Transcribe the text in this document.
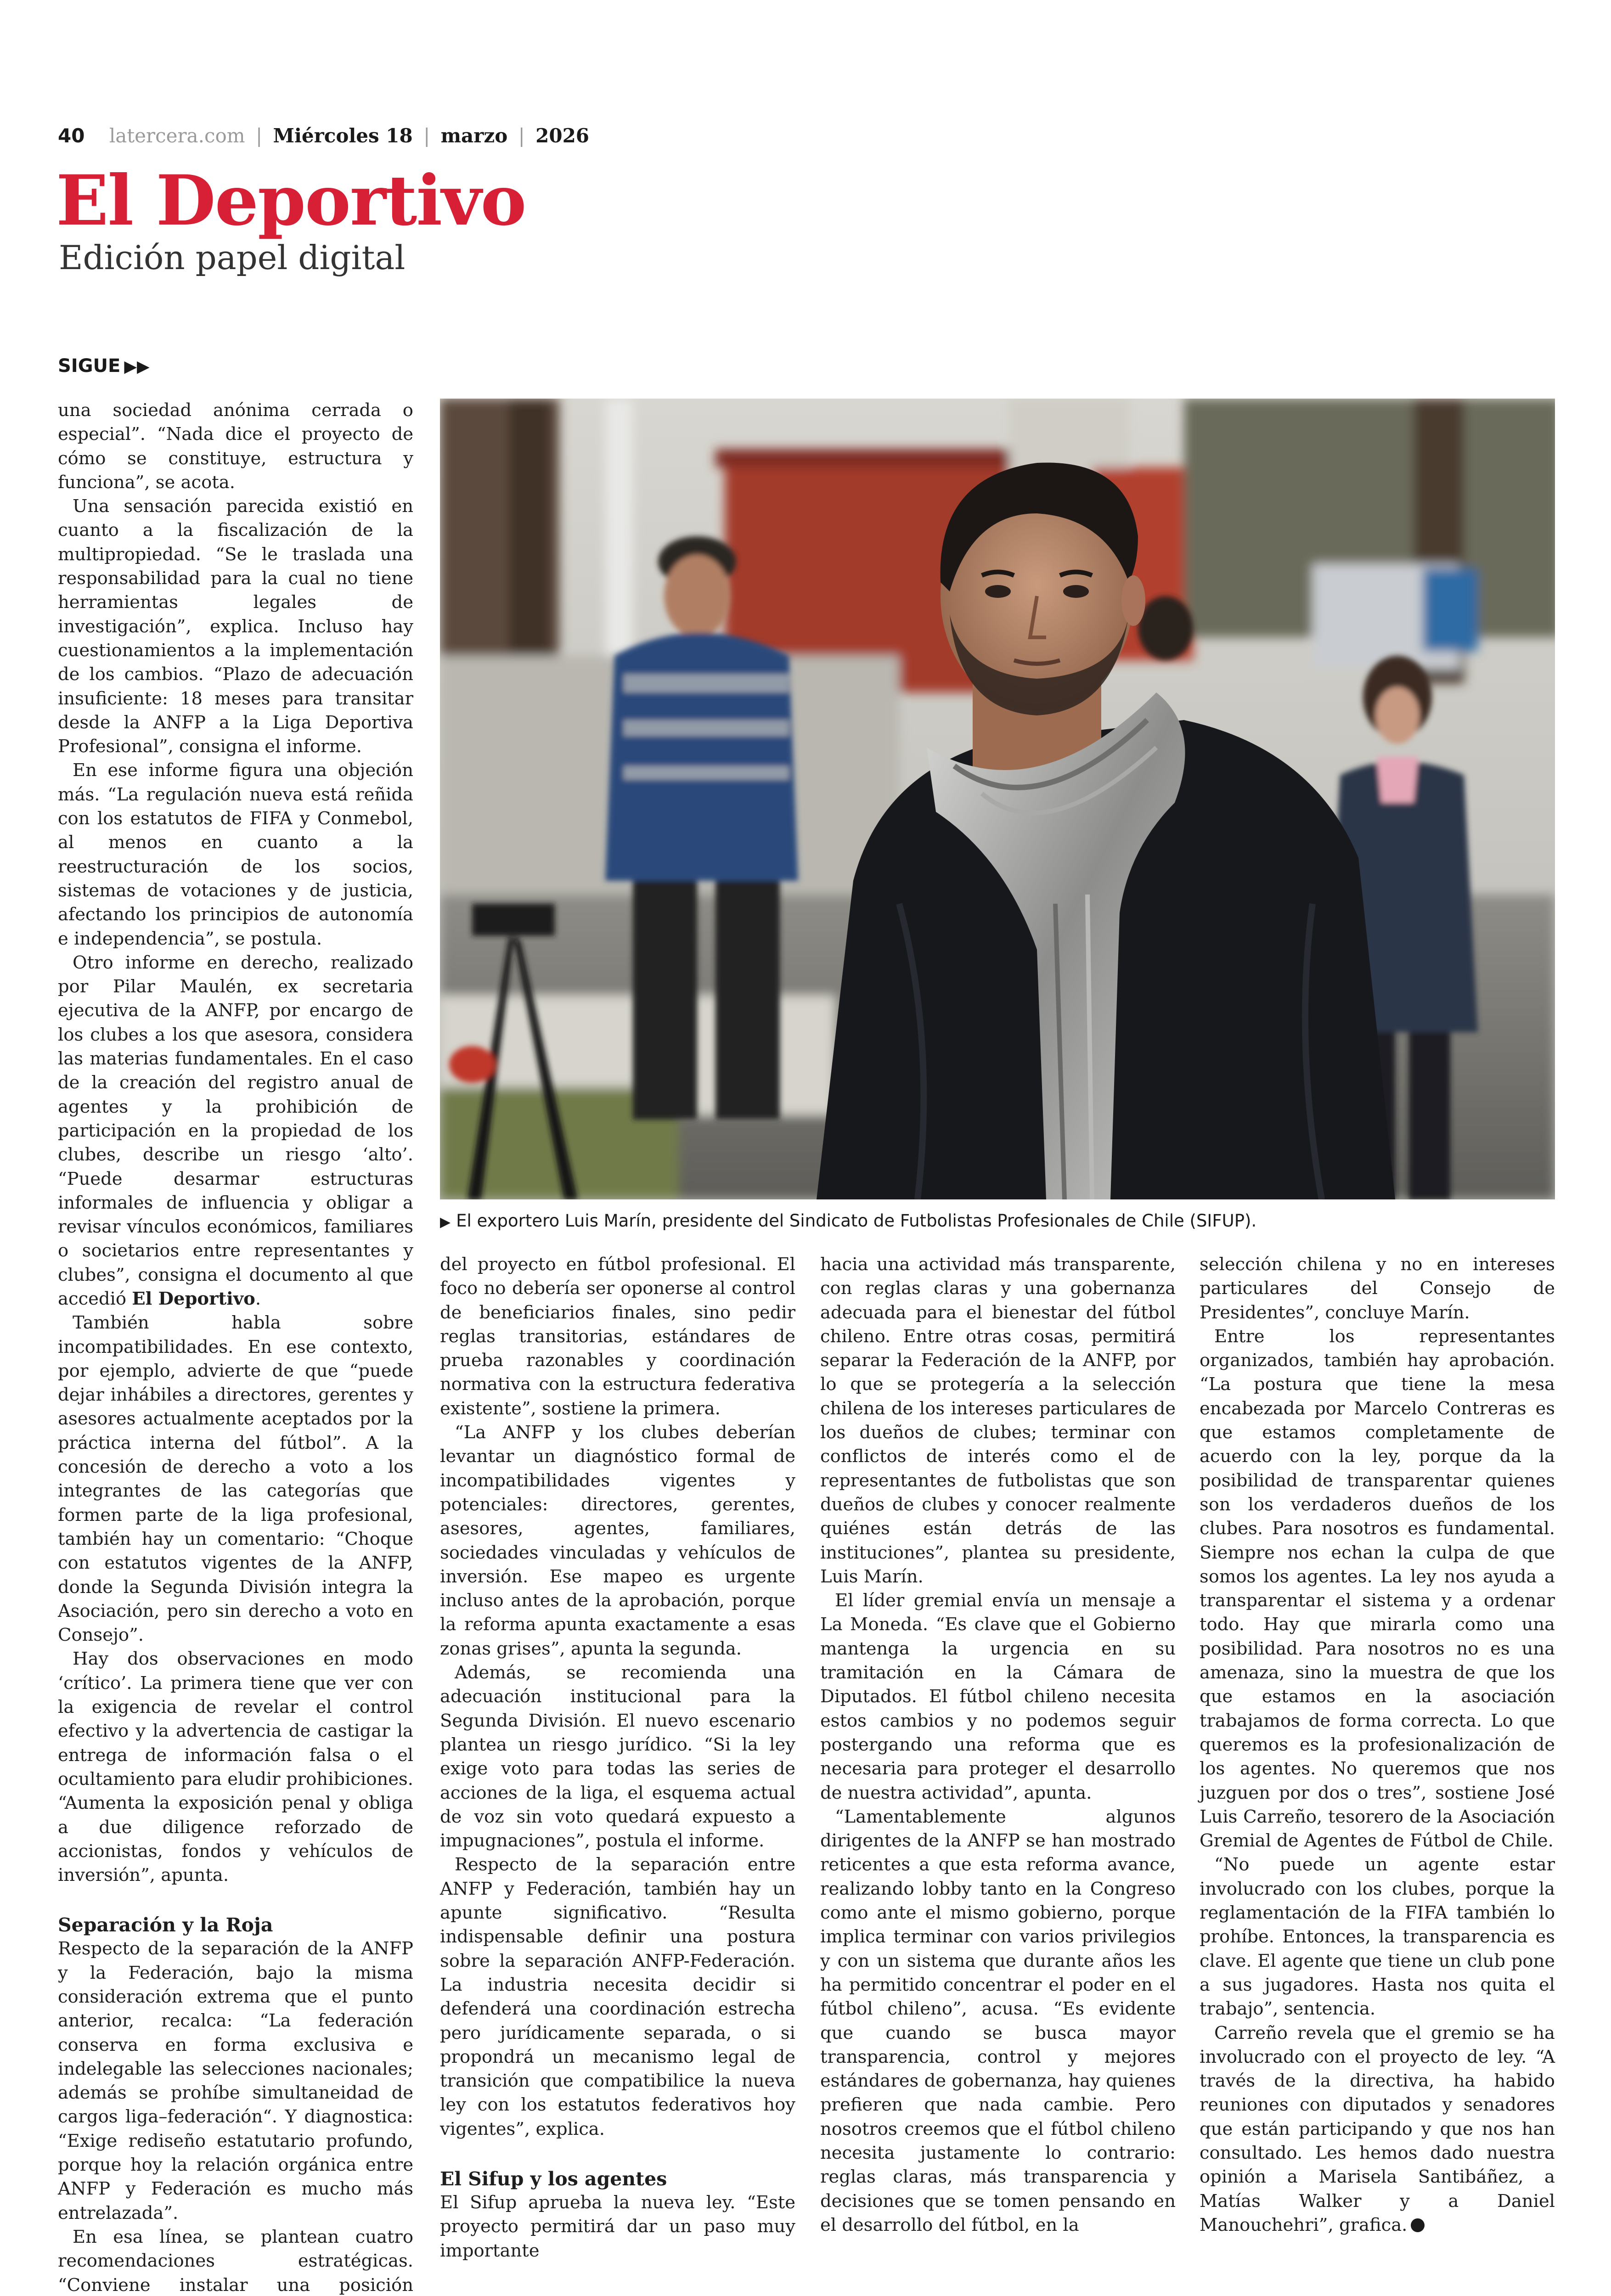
40 latercera.com | Miércoles 18 | marzo | 2026
El Deportivo
Edición papel digital
SIGUE ▶▶

una sociedad anónima cerrada o especial”. “Nada dice el proyecto de cómo se constituye, estructura y funciona”, se acota.

Una sensación parecida existió en cuanto a la fiscalización de la multipropiedad. “Se le traslada una responsabilidad para la cual no tiene herramientas legales de investigación”, explica. Incluso hay cuestionamientos a la implementación de los cambios. “Plazo de adecuación insuficiente: 18 meses para transitar desde la ANFP a la Liga Deportiva Profesional”, consigna el informe.

En ese informe figura una objeción más. “La regulación nueva está reñida con los estatutos de FIFA y Conmebol, al menos en cuanto a la reestructuración de los socios, sistemas de votaciones y de justicia, afectando los principios de autonomía e independencia”, se postula.

Otro informe en derecho, realizado por Pilar Maulén, ex secretaria ejecutiva de la ANFP, por encargo de los clubes a los que asesora, considera las materias fundamentales. En el caso de la creación del registro anual de agentes y la prohibición de participación en la propiedad de los clubes, describe un riesgo ‘alto’. “Puede desarmar estructuras informales de influencia y obligar a revisar vínculos económicos, familiares o societarios entre representantes y clubes”, consigna el documento al que accedió El Deportivo.

También habla sobre incompatibilidades. En ese contexto, por ejemplo, advierte de que “puede dejar inhábiles a directores, gerentes y asesores actualmente aceptados por la práctica interna del fútbol”. A la concesión de derecho a voto a los integrantes de las categorías que formen parte de la liga profesional, también hay un comentario: “Choque con estatutos vigentes de la ANFP, donde la Segunda División integra la Asociación, pero sin derecho a voto en Consejo”.

Hay dos observaciones en modo ‘crítico’. La primera tiene que ver con la exigencia de revelar el control efectivo y la advertencia de castigar la entrega de información falsa o el ocultamiento para eludir prohibiciones. “Aumenta la exposición penal y obliga a due diligence reforzado de accionistas, fondos y vehículos de inversión”, apunta.

Separación y la Roja

Respecto de la separación de la ANFP y la Federación, bajo la misma consideración extrema que el punto anterior, recalca: “La federación conserva en forma exclusiva e indelegable las selecciones nacionales; además se prohíbe simultaneidad de cargos liga–federación“. Y diagnostica: “Exige rediseño estatutario profundo, porque hoy la relación orgánica entre ANFP y Federación es mucho más entrelazada”.

En esa línea, se plantean cuatro recomendaciones estratégicas. “Conviene instalar una posición

▶ El exportero Luis Marín, presidente del Sindicato de Futbolistas Profesionales de Chile (SIFUP).

del proyecto en fútbol profesional. El foco no debería ser oponerse al control de beneficiarios finales, sino pedir reglas transitorias, estándares de prueba razonables y coordinación normativa con la estructura federativa existente”, sostiene la primera.

“La ANFP y los clubes deberían levantar un diagnóstico formal de incompatibilidades vigentes y potenciales: directores, gerentes, asesores, agentes, familiares, sociedades vinculadas y vehículos de inversión. Ese mapeo es urgente incluso antes de la aprobación, porque la reforma apunta exactamente a esas zonas grises”, apunta la segunda.

Además, se recomienda una adecuación institucional para la Segunda División. El nuevo escenario plantea un riesgo jurídico. “Si la ley exige voto para todas las series de acciones de la liga, el esquema actual de voz sin voto quedará expuesto a impugnaciones”, postula el informe.

Respecto de la separación entre ANFP y Federación, también hay un apunte significativo. “Resulta indispensable definir una postura sobre la separación ANFP-Federación. La industria necesita decidir si defenderá una coordinación estrecha pero jurídicamente separada, o si propondrá un mecanismo legal de transición que compatibilice la nueva ley con los estatutos federativos hoy vigentes”, explica.

El Sifup y los agentes

El Sifup aprueba la nueva ley. “Este proyecto permitirá dar un paso muy importante

hacia una actividad más transparente, con reglas claras y una gobernanza adecuada para el bienestar del fútbol chileno. Entre otras cosas, permitirá separar la Federación de la ANFP, por lo que se protegería a la selección chilena de los intereses particulares de los dueños de clubes; terminar con conflictos de interés como el de representantes de futbolistas que son dueños de clubes y conocer realmente quiénes están detrás de las instituciones”, plantea su presidente, Luis Marín.

El líder gremial envía un mensaje a La Moneda. “Es clave que el Gobierno mantenga la urgencia en su tramitación en la Cámara de Diputados. El fútbol chileno necesita estos cambios y no podemos seguir postergando una reforma que es necesaria para proteger el desarrollo de nuestra actividad”, apunta.

“Lamentablemente algunos dirigentes de la ANFP se han mostrado reticentes a que esta reforma avance, realizando lobby tanto en la Congreso como ante el mismo gobierno, porque implica terminar con varios privilegios y con un sistema que durante años les ha permitido concentrar el poder en el fútbol chileno”, acusa. “Es evidente que cuando se busca mayor transparencia, control y mejores estándares de gobernanza, hay quienes prefieren que nada cambie. Pero nosotros creemos que el fútbol chileno necesita justamente lo contrario: reglas claras, más transparencia y decisiones que se tomen pensando en el desarrollo del fútbol, en la

selección chilena y no en intereses particulares del Consejo de Presidentes”, concluye Marín.

Entre los representantes organizados, también hay aprobación. “La postura que tiene la mesa encabezada por Marcelo Contreras es que estamos completamente de acuerdo con la ley, porque da la posibilidad de transparentar quienes son los verdaderos dueños de los clubes. Para nosotros es fundamental. Siempre nos echan la culpa de que somos los agentes. La ley nos ayuda a transparentar el sistema y a ordenar todo. Hay que mirarla como una posibilidad. Para nosotros no es una amenaza, sino la muestra de que los que estamos en la asociación trabajamos de forma correcta. Lo que queremos es la profesionalización de los agentes. No queremos que nos juzguen por dos o tres”, sostiene José Luis Carreño, tesorero de la Asociación Gremial de Agentes de Fútbol de Chile.

“No puede un agente estar involucrado con los clubes, porque la reglamentación de la FIFA también lo prohíbe. Entonces, la transparencia es clave. El agente que tiene un club pone a sus jugadores. Hasta nos quita el trabajo”, sentencia.

Carreño revela que el gremio se ha involucrado con el proyecto de ley. “A través de la directiva, ha habido reuniones con diputados y senadores que están participando y que nos han consultado. Les hemos dado nuestra opinión a Marisela Santibáñez, a Matías Walker y a Daniel Manouchehri”, grafica.
